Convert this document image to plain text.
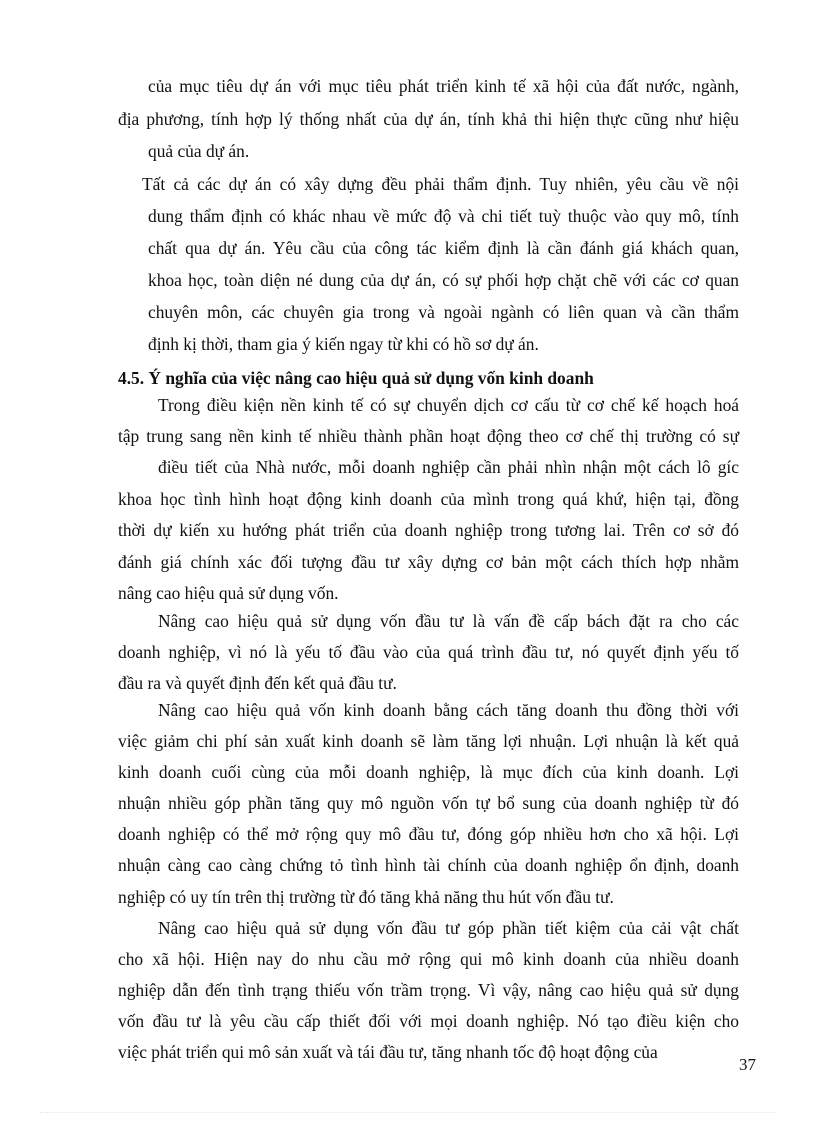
của mục tiêu dự án với mục tiêu phát triển kinh tế xã hội của đất nước, ngành,

địa phương, tính hợp lý thống nhất của dự án, tính khả thi hiện thực cũng như hiệu

quả của dự án.

Tất cả các dự án có xây dựng đều phải thẩm định. Tuy nhiên, yêu cầu về nội

dung thẩm định có khác nhau về mức độ và chi tiết tuỳ thuộc vào quy mô, tính

chất qua dự án. Yêu cầu của công tác kiểm định là cần đánh giá khách quan,

khoa học, toàn diện né dung của dự án, có sự phối hợp chặt chẽ với các cơ quan

chuyên môn, các chuyên gia trong và ngoài ngành có liên quan và cần thẩm

định kị thời, tham gia ý kiến ngay từ khi có hồ sơ dự án.

4.5. Ý nghĩa của việc nâng cao hiệu quả sử dụng vốn kinh doanh

Trong điều kiện nền kinh tế có sự chuyển dịch cơ cấu từ cơ chế kế hoạch hoá

tập trung sang nền kinh tế nhiều thành phần hoạt động theo cơ chế thị trường có sự

điều tiết của Nhà nước, mỗi doanh nghiệp cần phải nhìn nhận một cách lô gíc

khoa học tình hình hoạt động kinh doanh của mình trong quá khứ, hiện tại, đồng

thời dự kiến xu hướng phát triển của doanh nghiệp trong tương lai. Trên cơ sở đó

đánh giá chính xác đối tượng đầu tư xây dựng cơ bản một cách thích hợp nhằm

nâng cao hiệu quả sử dụng vốn.

Nâng cao hiệu quả sử dụng vốn đầu tư là vấn đề cấp bách đặt ra cho các

doanh nghiệp, vì nó là yếu tố đầu vào của quá trình đầu tư, nó quyết định yếu tố

đầu ra và quyết định đến kết quả đầu tư.

Nâng cao hiệu quả vốn kinh doanh bằng cách tăng doanh thu đồng thời với

việc giảm chi phí sản xuất kinh doanh sẽ làm tăng lợi nhuận. Lợi nhuận là kết quả

kinh doanh cuối cùng của mỗi doanh nghiệp, là mục đích của kinh doanh. Lợi

nhuận nhiều góp phần tăng quy mô nguồn vốn tự bổ sung của doanh nghiệp từ đó

doanh nghiệp có thể mở rộng quy mô đầu tư, đóng góp nhiều hơn cho xã hội. Lợi

nhuận càng cao càng chứng tỏ tình hình tài chính của doanh nghiệp ổn định, doanh

nghiệp có uy tín trên thị trường từ đó tăng khả năng thu hút vốn đầu tư.

Nâng cao hiệu quả sử dụng vốn đầu tư góp phần tiết kiệm của cải vật chất

cho xã hội. Hiện nay do nhu cầu mở rộng qui mô kinh doanh của nhiều doanh

nghiệp dẫn đến tình trạng thiếu vốn trầm trọng. Vì vậy, nâng cao hiệu quả sử dụng

vốn đầu tư là yêu cầu cấp thiết đối với mọi doanh nghiệp. Nó tạo điều kiện cho

việc phát triển qui mô sản xuất và tái đầu tư, tăng nhanh tốc độ hoạt động của

37
